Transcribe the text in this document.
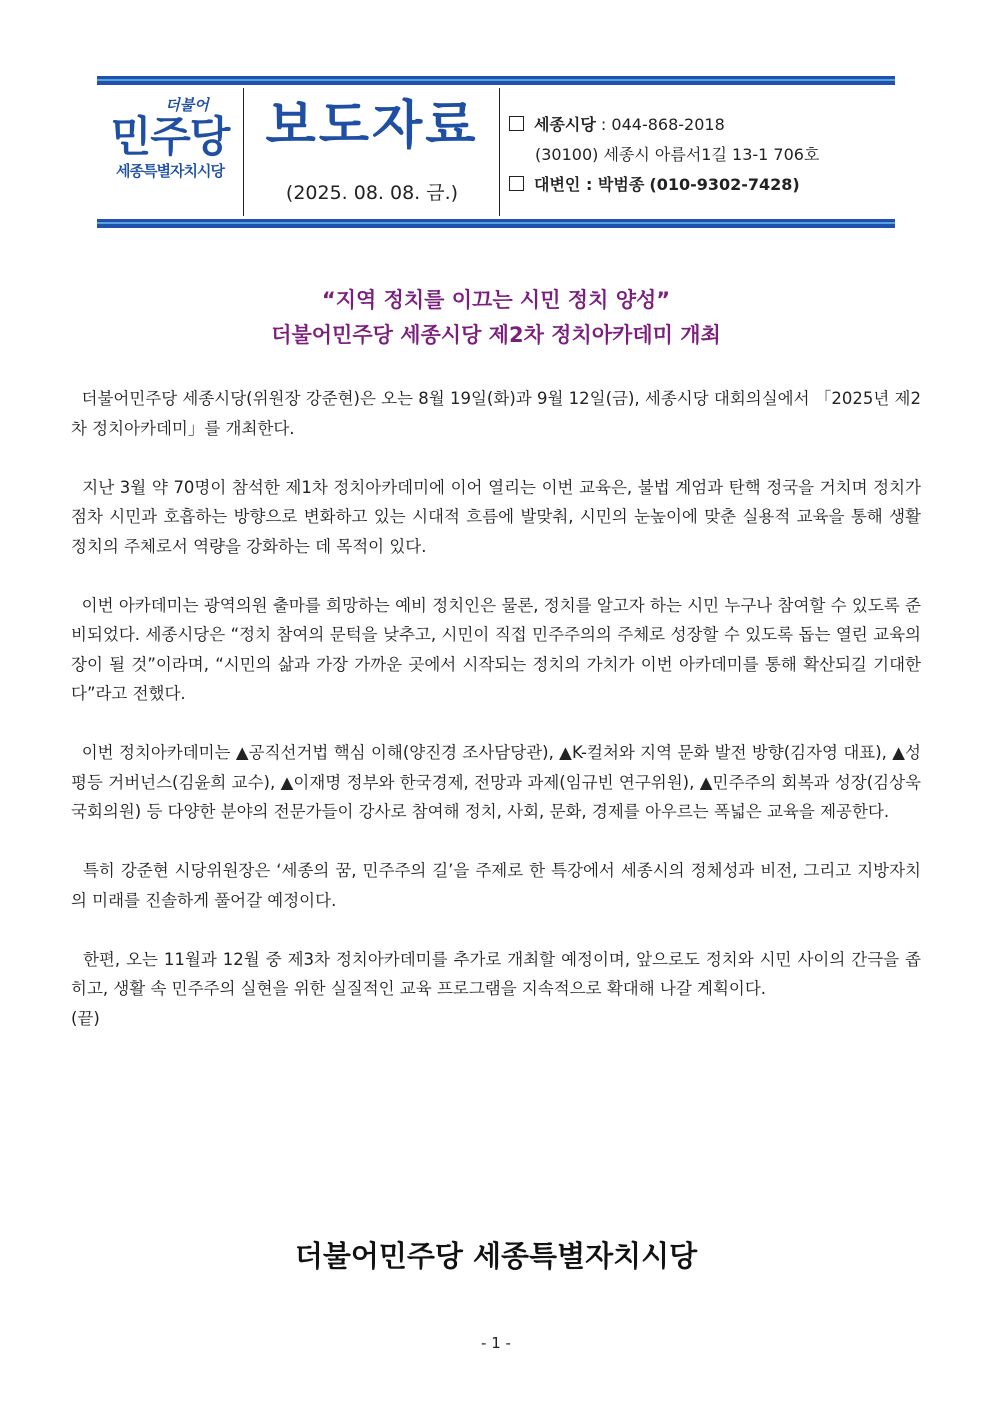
더불어
민주당
세종특별자치시당
보도자료
(2025. 08. 08. 금.)
세종시당 : 044-868-2018
(30100) 세종시 아름서1길 13-1 706호
대변인 : 박범종 (010-9302-7428)
“지역 정치를 이끄는 시민 정치 양성”
더불어민주당 세종시당 제2차 정치아카데미 개최

더불어민주당 세종시당(위원장 강준현)은 오는 8월 19일(화)과 9월 12일(금), 세종시당 대회의실에서 「2025년 제2차 정치아카데미」를 개최한다.

지난 3월 약 70명이 참석한 제1차 정치아카데미에 이어 열리는 이번 교육은, 불법 계엄과 탄핵 정국을 거치며 정치가 점차 시민과 호흡하는 방향으로 변화하고 있는 시대적 흐름에 발맞춰, 시민의 눈높이에 맞춘 실용적 교육을 통해 생활 정치의 주체로서 역량을 강화하는 데 목적이 있다.

이번 아카데미는 광역의원 출마를 희망하는 예비 정치인은 물론, 정치를 알고자 하는 시민 누구나 참여할 수 있도록 준비되었다. 세종시당은 “정치 참여의 문턱을 낮추고, 시민이 직접 민주주의의 주체로 성장할 수 있도록 돕는 열린 교육의 장이 될 것”이라며, “시민의 삶과 가장 가까운 곳에서 시작되는 정치의 가치가 이번 아카데미를 통해 확산되길 기대한다”라고 전했다.

이번 정치아카데미는 ▲공직선거법 핵심 이해(양진경 조사담당관), ▲K-컬처와 지역 문화 발전 방향(김자영 대표), ▲성평등 거버넌스(김윤희 교수), ▲이재명 정부와 한국경제, 전망과 과제(임규빈 연구위원), ▲민주주의 회복과 성장(김상욱 국회의원) 등 다양한 분야의 전문가들이 강사로 참여해 정치, 사회, 문화, 경제를 아우르는 폭넓은 교육을 제공한다.

특히 강준현 시당위원장은 ‘세종의 꿈, 민주주의 길’을 주제로 한 특강에서 세종시의 정체성과 비전, 그리고 지방자치의 미래를 진솔하게 풀어갈 예정이다.

한편, 오는 11월과 12월 중 제3차 정치아카데미를 추가로 개최할 예정이며, 앞으로도 정치와 시민 사이의 간극을 좁히고, 생활 속 민주주의 실현을 위한 실질적인 교육 프로그램을 지속적으로 확대해 나갈 계획이다.

(끝)
더불어민주당 세종특별자치시당
- 1 -
